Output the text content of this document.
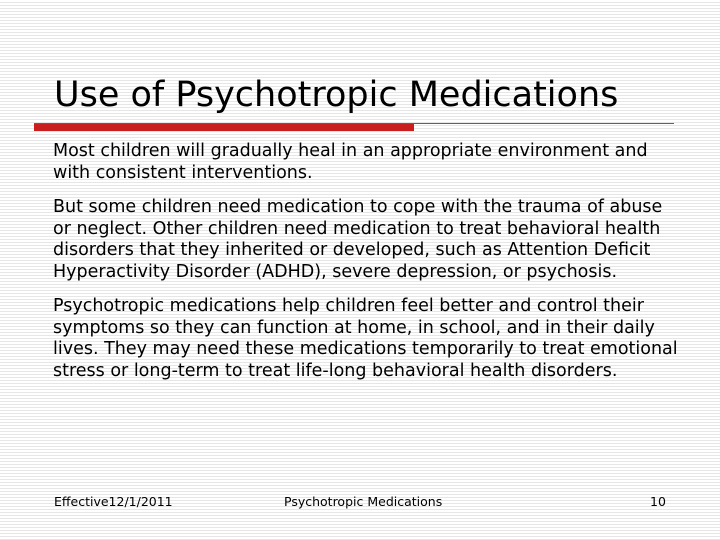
Use of Psychotropic Medications

Most children will gradually heal in an appropriate environment and with consistent interventions.

But some children need medication to cope with the trauma of abuse or neglect. Other children need medication to treat behavioral health disorders that they inherited or developed, such as Attention Deficit Hyperactivity Disorder (ADHD), severe depression, or psychosis.

Psychotropic medications help children feel better and control their symptoms so they can function at home, in school, and in their daily lives. They may need these medications temporarily to treat emotional stress or long-term to treat life-long behavioral health disorders.

Effective12/1/2011	Psychotropic Medications	10
